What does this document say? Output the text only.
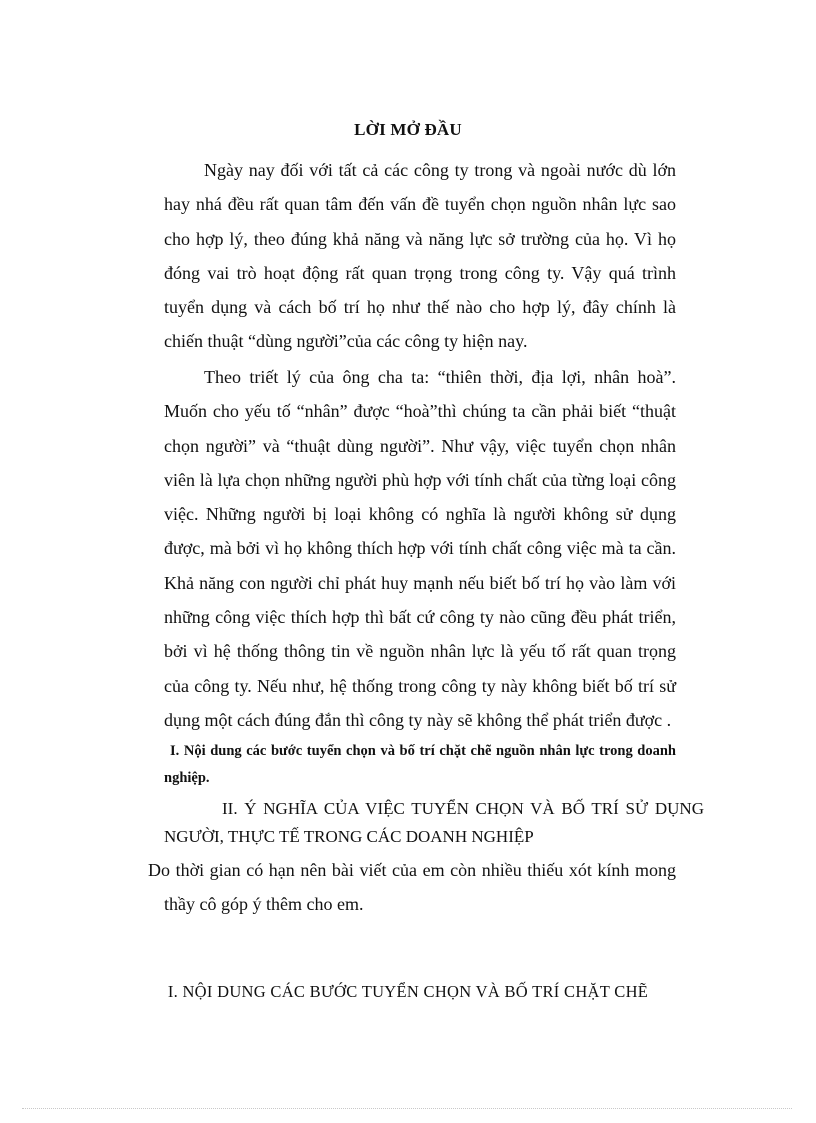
LỜI MỞ ĐẦU

Ngày nay đối với tất cả các công ty trong và ngoài nước dù lớn hay nhá đều rất quan tâm đến vấn đề tuyển chọn nguồn nhân lực sao cho hợp lý, theo đúng khả năng và năng lực sở trường của họ. Vì họ đóng vai trò hoạt động rất quan trọng trong công ty. Vậy quá trình tuyển dụng và cách bố trí họ như thế nào cho hợp lý, đây chính là chiến thuật “dùng người”của các công ty hiện nay.

Theo triết lý của ông cha ta: “thiên thời, địa lợi, nhân hoà”. Muốn cho yếu tố “nhân” được “hoà”thì chúng ta cần phải biết “thuật chọn người” và “thuật dùng người”. Như vậy, việc tuyển chọn nhân viên là lựa chọn những người phù hợp với tính chất của từng loại công việc. Những người bị loại không có nghĩa là người không sử dụng được, mà bởi vì họ không thích hợp với tính chất công việc mà ta cần. Khả năng con người chỉ phát huy mạnh nếu biết bố trí họ vào làm với những công việc thích hợp thì bất cứ công ty nào cũng đều phát triển, bởi vì hệ thống thông tin về nguồn nhân lực là yếu tố rất quan trọng của công ty. Nếu như, hệ thống trong công ty này không biết bố trí sử dụng một cách đúng đắn thì công ty này sẽ không thể phát triển được .

I. Nội dung các bước tuyển chọn và bố trí chặt chẽ nguồn nhân lực trong doanh nghiệp.

II. Ý NGHĨA CỦA VIỆC TUYỂN CHỌN VÀ BỐ TRÍ SỬ DỤNG NGƯỜI, THỰC TẾ TRONG CÁC DOANH NGHIỆP

Do thời gian có hạn nên bài viết của em còn nhiều thiếu xót kính mong thầy cô góp ý thêm cho em.

I. NỘI DUNG CÁC BƯỚC TUYỂN CHỌN VÀ BỐ TRÍ CHẶT CHẼ
